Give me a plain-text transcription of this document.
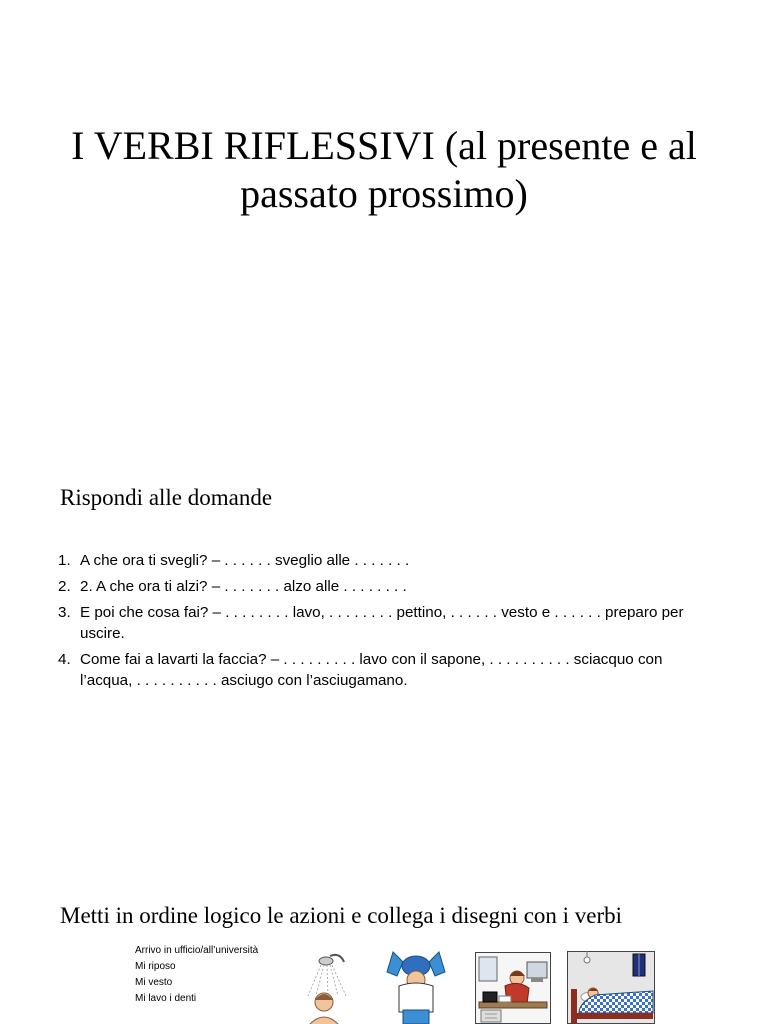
I VERBI RIFLESSIVI (al presente e al passato prossimo)
Rispondi alle domande
1. A che ora ti svegli? – . . . . . . sveglio alle . . . . . . .
2. 2. A che ora ti alzi? – . . . . . . . alzo alle . . . . . . . .
3. E poi che cosa fai? – . . . . . . . . lavo, . . . . . . . . pettino, . . . . . . vesto e . . . . . . preparo per uscire.
4. Come fai a lavarti la faccia? – . . . . . . . . . lavo con il sapone, . . . . . . . . . . sciacquo con l’acqua, . . . . . . . . . . asciugo con l’asciugamano.
Metti in ordine logico le azioni e collega i disegni con i verbi
Arrivo in ufficio/all’università
Mi riposo
Mi vesto
Mi lavo i denti
